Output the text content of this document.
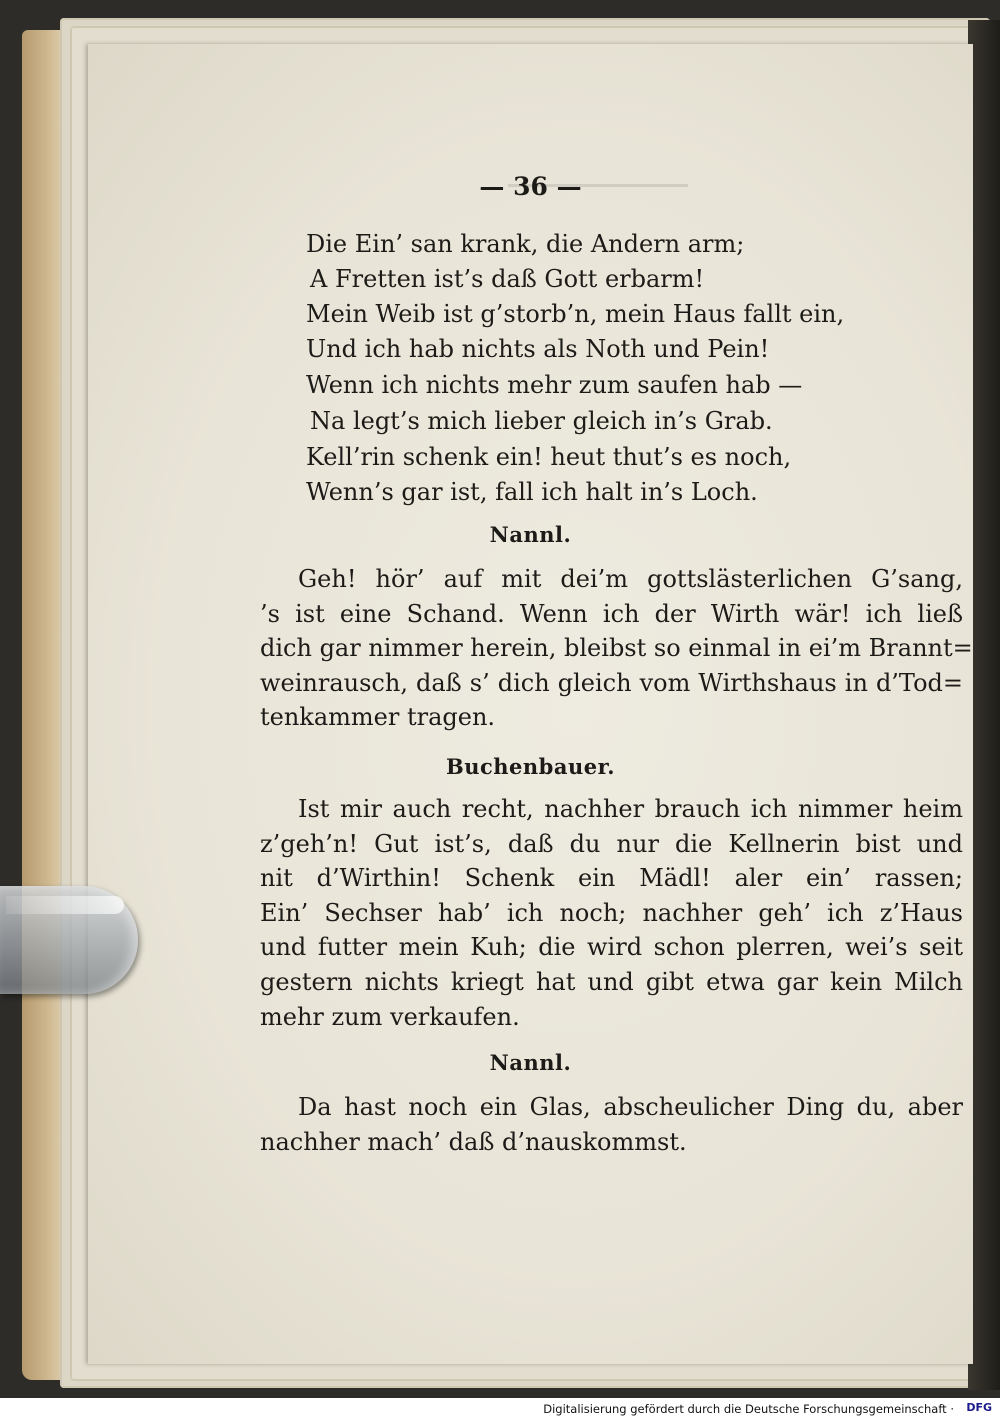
— 36 —
Die Ein’ san krank, die Andern arm;
A Fretten ist’s daß Gott erbarm!
Mein Weib ist g’storb’n, mein Haus fallt ein,
Und ich hab nichts als Noth und Pein!
Wenn ich nichts mehr zum saufen hab —
Na legt’s mich lieber gleich in’s Grab.
Kell’rin schenk ein! heut thut’s es noch,
Wenn’s gar ist, fall ich halt in’s Loch.
Nannl.
Geh! hör’ auf mit dei’m gottslästerlichen G’sang,
’s ist eine Schand. Wenn ich der Wirth wär! ich ließ
dich gar nimmer herein, bleibst so einmal in ei’m Brannt=
weinrausch, daß s’ dich gleich vom Wirthshaus in d’Tod=
tenkammer tragen.
Buchenbauer.
Ist mir auch recht, nachher brauch ich nimmer heim
z’geh’n! Gut ist’s, daß du nur die Kellnerin bist und
nit d’Wirthin! Schenk ein Mädl! aler ein’ rassen;
Ein’ Sechser hab’ ich noch; nachher geh’ ich z’Haus
und futter mein Kuh; die wird schon plerren, wei’s seit
gestern nichts kriegt hat und gibt etwa gar kein Milch
mehr zum verkaufen.
Nannl.
Da hast noch ein Glas, abscheulicher Ding du, aber
nachher mach’ daß d’nauskommst.
Digitalisierung gefördert durch die Deutsche Forschungsgemeinschaft · DFG
